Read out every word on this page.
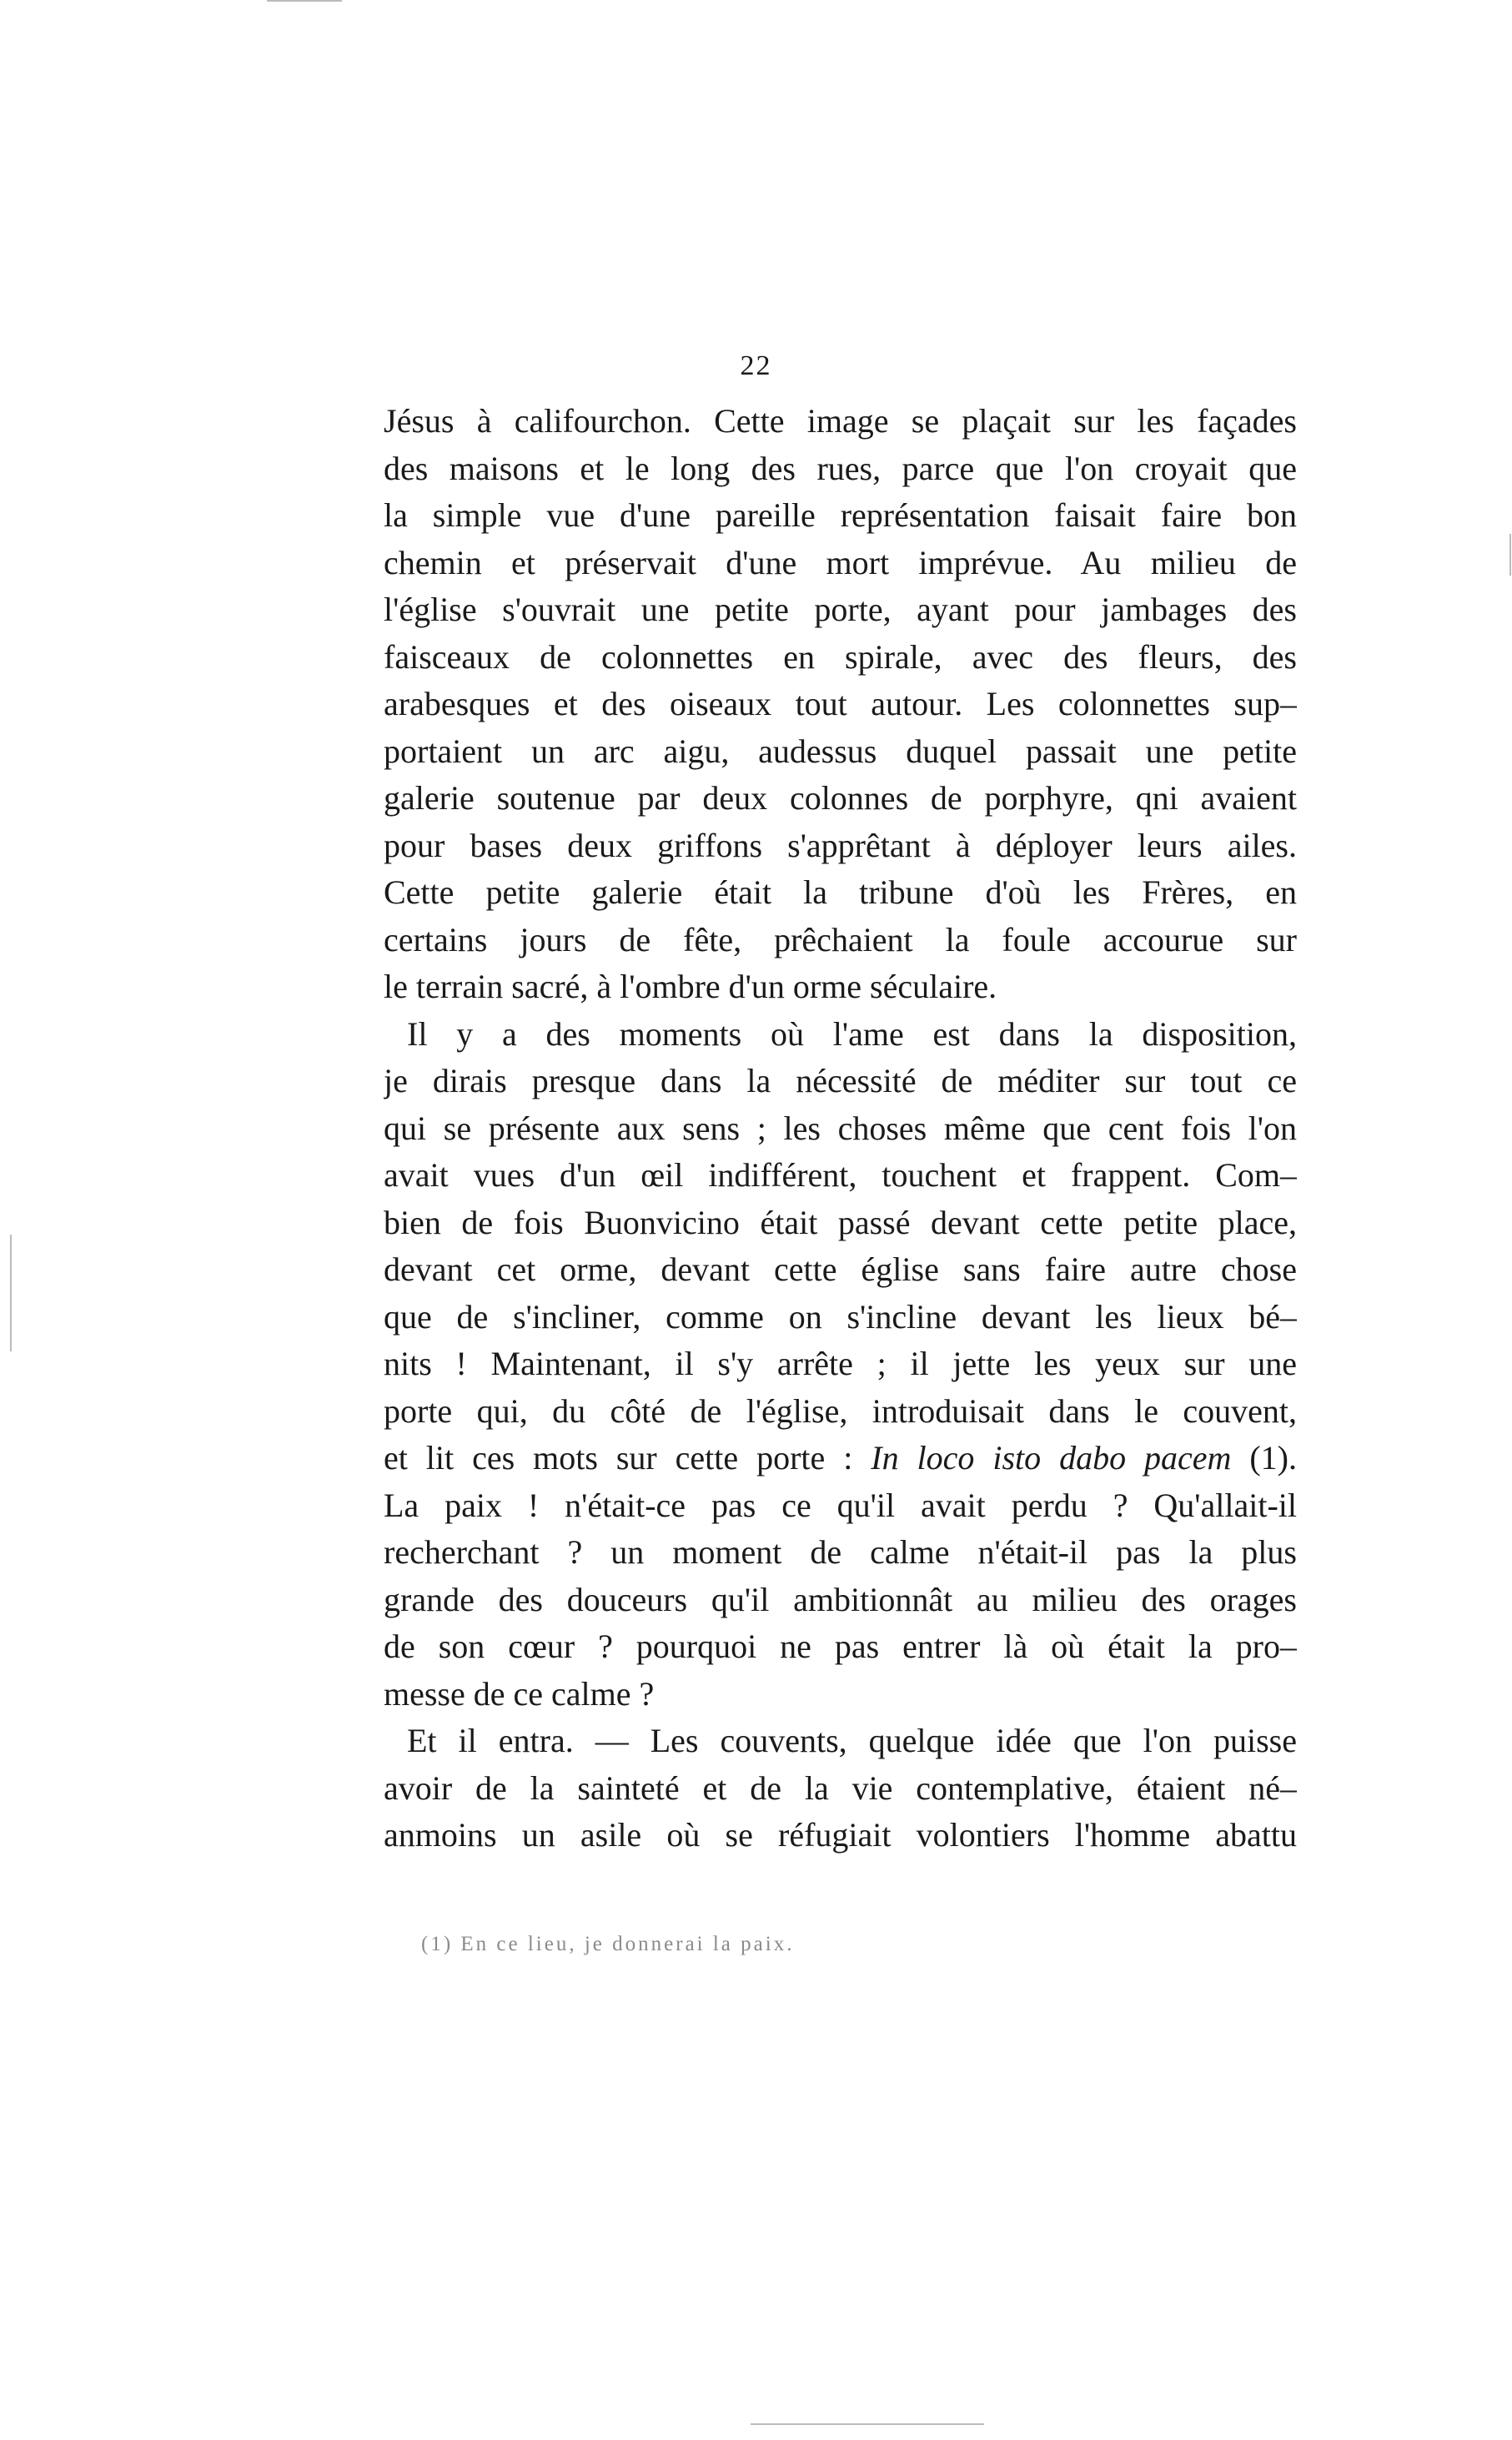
22
Jésus à califourchon. Cette image se plaçait sur les façades
des maisons et le long des rues, parce que l'on croyait que
la simple vue d'une pareille représentation faisait faire bon
chemin et préservait d'une mort imprévue. Au milieu de
l'église s'ouvrait une petite porte, ayant pour jambages des
faisceaux de colonnettes en spirale, avec des fleurs, des
arabesques et des oiseaux tout autour. Les colonnettes sup–
portaient un arc aigu, audessus duquel passait une petite
galerie soutenue par deux colonnes de porphyre, qni avaient
pour bases deux griffons s'apprêtant à déployer leurs ailes.
Cette petite galerie était la tribune d'où les Frères, en
certains jours de fête, prêchaient la foule accourue sur
le terrain sacré, à l'ombre d'un orme séculaire.
Il y a des moments où l'ame est dans la disposition,
je dirais presque dans la nécessité de méditer sur tout ce
qui se présente aux sens ; les choses même que cent fois l'on
avait vues d'un œil indifférent, touchent et frappent. Com–
bien de fois Buonvicino était passé devant cette petite place,
devant cet orme, devant cette église sans faire autre chose
que de s'incliner, comme on s'incline devant les lieux bé–
nits ! Maintenant, il s'y arrête ; il jette les yeux sur une
porte qui, du côté de l'église, introduisait dans le couvent,
et lit ces mots sur cette porte : In loco isto dabo pacem (1).
La paix ! n'était-ce pas ce qu'il avait perdu ? Qu'allait-il
recherchant ? un moment de calme n'était-il pas la plus
grande des douceurs qu'il ambitionnât au milieu des orages
de son cœur ? pourquoi ne pas entrer là où était la pro–
messe de ce calme ?
Et il entra. — Les couvents, quelque idée que l'on puisse
avoir de la sainteté et de la vie contemplative, étaient né–
anmoins un asile où se réfugiait volontiers l'homme abattu
(1) En ce lieu, je donnerai la paix.
